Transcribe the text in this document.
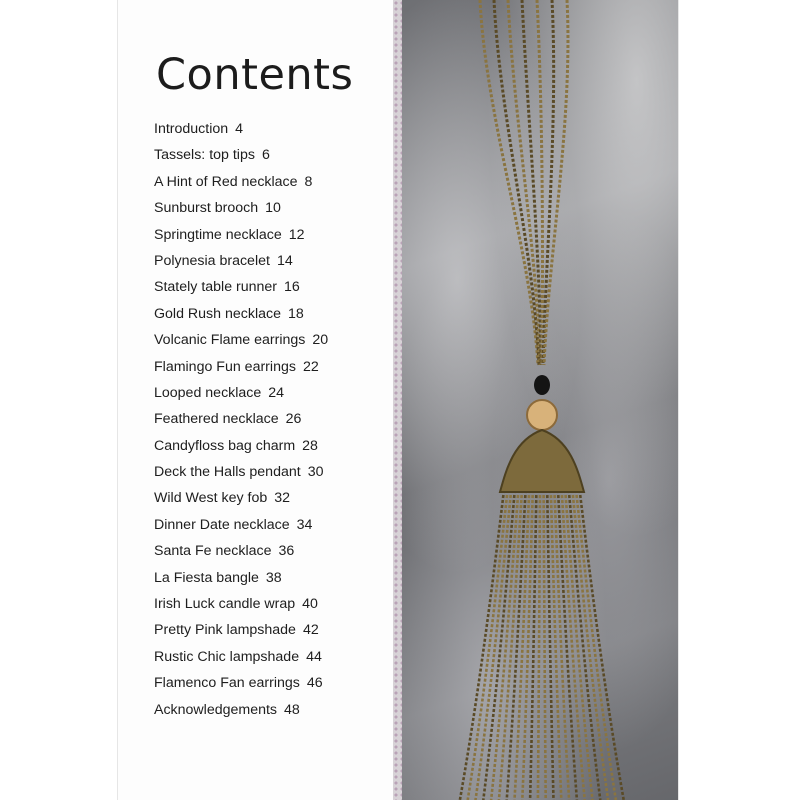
Contents
Introduction 4
Tassels: top tips 6
A Hint of Red necklace 8
Sunburst brooch 10
Springtime necklace 12
Polynesia bracelet 14
Stately table runner 16
Gold Rush necklace 18
Volcanic Flame earrings 20
Flamingo Fun earrings 22
Looped necklace 24
Feathered necklace 26
Candyfloss bag charm 28
Deck the Halls pendant 30
Wild West key fob 32
Dinner Date necklace 34
Santa Fe necklace 36
La Fiesta bangle 38
Irish Luck candle wrap 40
Pretty Pink lampshade 42
Rustic Chic lampshade 44
Flamenco Fan earrings 46
Acknowledgements 48
